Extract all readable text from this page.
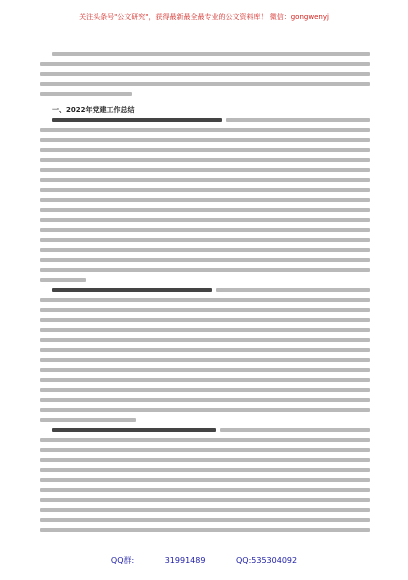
关注头条号"公文研究"，获得最新最全最专业的公文资料库！ 微信：gongwenyj
一、2022年党建工作总结
QQ群: 31991489	QQ:535304092
